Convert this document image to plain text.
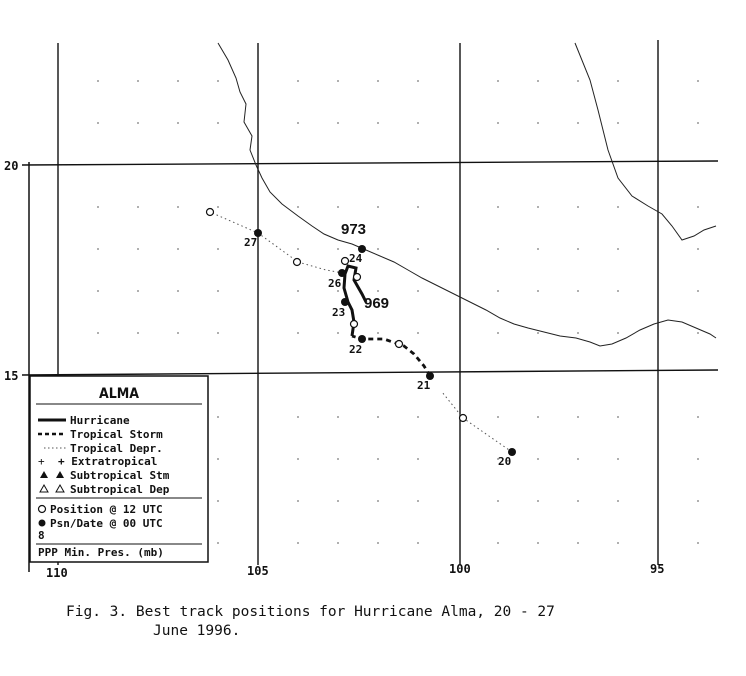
20
21
22
23
24
26
27
973
969
20
15
110	105	100	95
ALMA
+
8
Hurricane
Tropical Storm
Tropical Depr.
+ Extratropical
Subtropical Stm
Subtropical Dep
Position @ 12 UTC
Psn/Date @ 00 UTC
PPP Min. Pres. (mb)
Fig. 3. Best track positions for Hurricane Alma, 20 - 27
June 1996.
